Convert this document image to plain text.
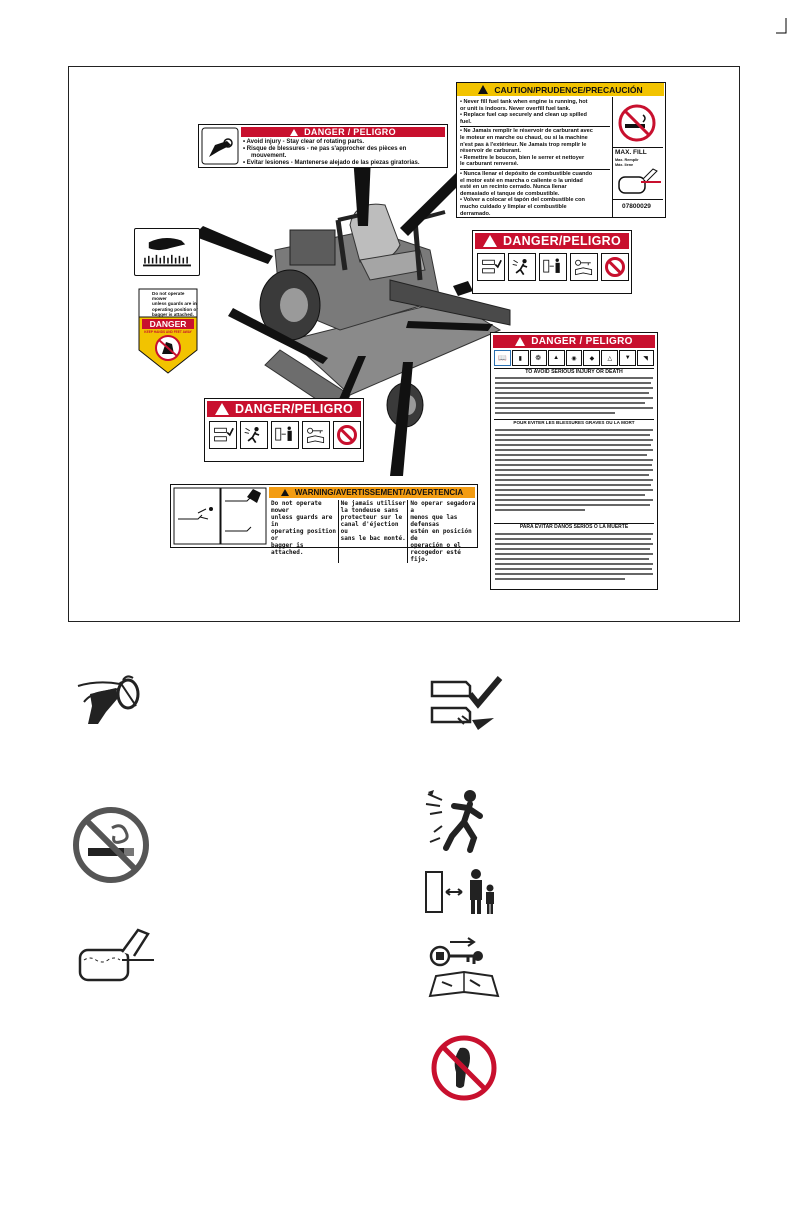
DANGER / PELIGRO
• Avoid injury - Stay clear of rotating parts.
• Risque de blessures - ne pas s'approcher des pièces en
mouvement.
• Evitar lesiones - Mantenerse alejado de las piezas giratorias.
CAUTION/PRUDENCE/PRECAUCIÓN
• Never fill fuel tank when engine is running, hot
or unit is indoors. Never overfill fuel tank.
• Replace fuel cap securely and clean up spilled
fuel.
• Ne Jamais remplir le réservoir de carburant avec
le moteur en marche ou chaud, ou si la machine
n'est pas à l'extérieur. Ne Jamais trop remplir le
réservoir de carburant.
• Remettre le boucon, bien le serrer et nettoyer
le carburant renversé.
• Nunca llenar el depósito de combustible cuando
el motor esté en marcha o caliente o la unidad
esté en un recinto cerrado. Nunca llenar
demasiado el tanque de combustible.
• Volver a colocar el tapón del combustible con
mucho cuidado y limpiar el combustible
derramado.
MAX. FILL
Max. Remplir
Máx. llene
07800029
Do not operate mower
unless guards are in
operating position or
bagger is attached.
DANGER
KEEP HANDS AND FEET AWAY
DANGER/PELIGRO

DANGER/PELIGRO
WARNING/AVERTISSEMENT/ADVERTENCIA
Do not operate mower
unless guards are in
operating position or
bagger is attached.
Ne jamais utiliser
la tondeuse sans
protecteur sur le
canal d'éjection ou
sans le bac monté.
No operar segadora a
menos que las defensas
estén en posición de
operación o el
recogedor esté fijo.
DANGER / PELIGRO
📖 ▮ ❁ ▲ ◉ ◆ △ ▼ ◥
TO AVOID SERIOUS INJURY OR DEATH
POUR EVITER LES BLESSURES GRAVES OU LA MORT
PARA EVITAR DAÑOS SERIOS O LA MUERTE
